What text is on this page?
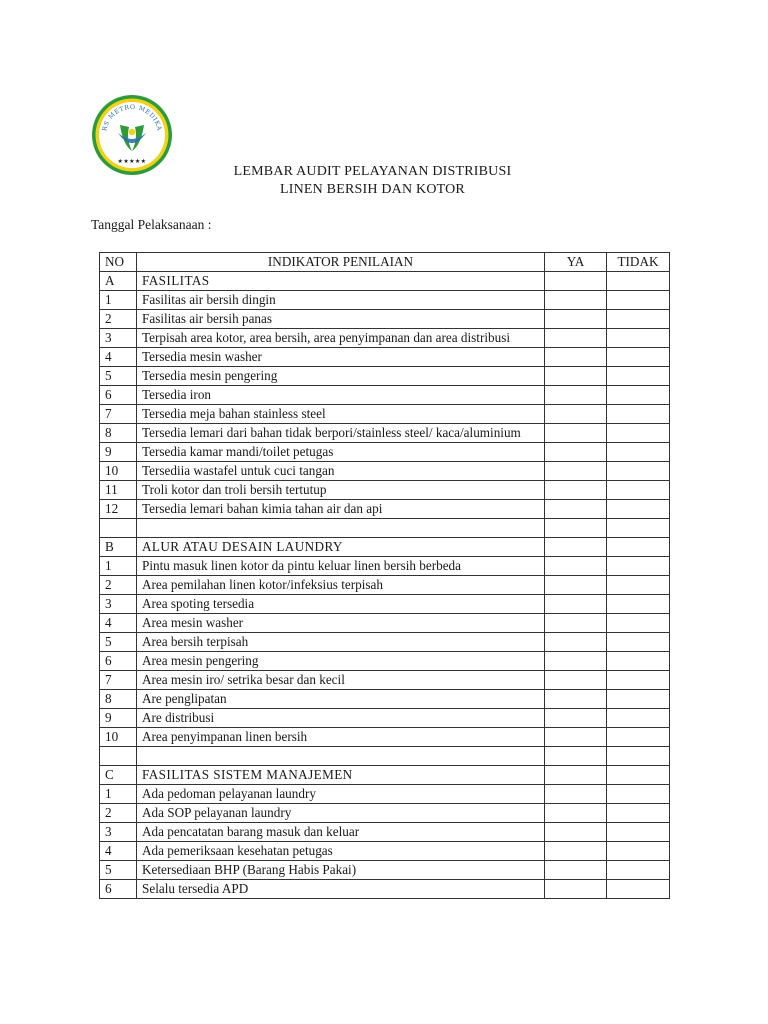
RS METRO MEDIKA
★★★★★
LEMBAR AUDIT PELAYANAN DISTRIBUSI
LINEN BERSIH DAN KOTOR
Tanggal Pelaksanaan :
NO	INDIKATOR PENILAIAN	YA	TIDAK
A	FASILITAS		
1	Fasilitas air bersih dingin		
2	Fasilitas air bersih panas		
3	Terpisah area kotor, area bersih, area penyimpanan dan area distribusi		
4	Tersedia mesin washer		
5	Tersedia mesin pengering		
6	Tersedia iron		
7	Tersedia meja bahan stainless steel		
8	Tersedia lemari dari bahan tidak berpori/stainless steel/ kaca/aluminium		
9	Tersedia kamar mandi/toilet petugas		
10	Tersediia wastafel untuk cuci tangan		
11	Troli kotor dan troli bersih tertutup		
12	Tersedia lemari bahan kimia tahan air dan api		

B	ALUR ATAU DESAIN LAUNDRY		
1	Pintu masuk linen kotor da pintu keluar linen bersih berbeda		
2	Area pemilahan linen kotor/infeksius terpisah		
3	Area spoting tersedia		
4	Area mesin washer		
5	Area bersih terpisah		
6	Area mesin pengering		
7	Area mesin iro/ setrika besar dan kecil		
8	Are penglipatan		
9	Are distribusi		
10	Area penyimpanan linen bersih		

C	FASILITAS SISTEM MANAJEMEN		
1	Ada pedoman pelayanan laundry		
2	Ada SOP pelayanan laundry		
3	Ada pencatatan barang masuk dan keluar		
4	Ada pemeriksaan kesehatan petugas		
5	Ketersediaan BHP (Barang Habis Pakai)		
6	Selalu tersedia APD		
